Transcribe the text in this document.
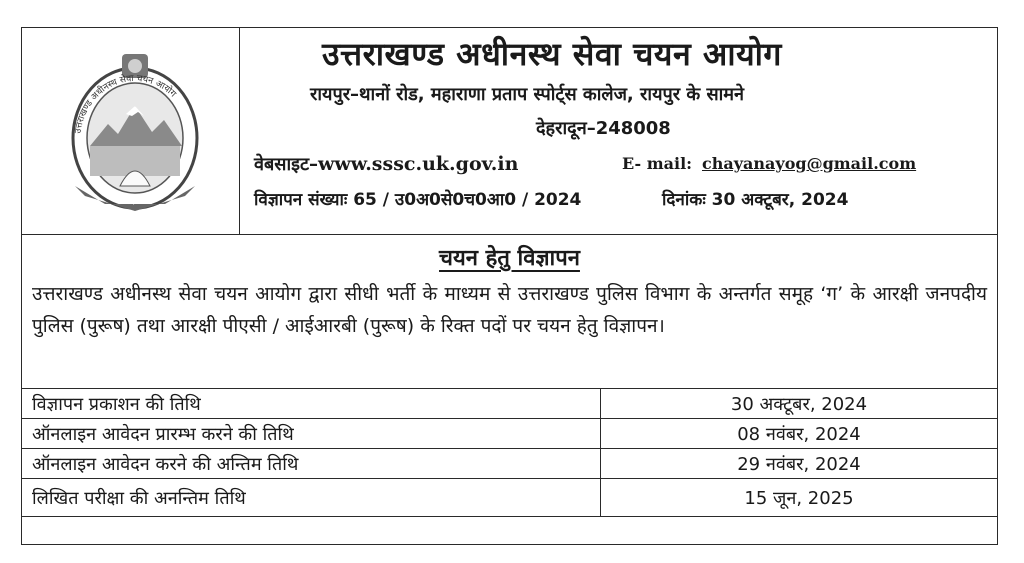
उत्तराखण्ड अधीनस्थ सेवा चयन आयोग
सारदेशिका
उत्तराखण्ड अधीनस्थ सेवा चयन आयोग
रायपुर–थानों रोड, महाराणा प्रताप स्पोर्ट्स कालेज, रायपुर के सामने
देहरादून–248008
वेबसाइट–www.sssc.uk.gov.in	E- mail: chayanayog@gmail.com
विज्ञापन संख्याः 65 / उ0अ0से0च0आ0 / 2024	दिनांकः 30 अक्टूबर, 2024
चयन हेतु विज्ञापन
उत्तराखण्ड अधीनस्थ सेवा चयन आयोग द्वारा सीधी भर्ती के माध्यम से उत्तराखण्ड पुलिस विभाग के अन्तर्गत समूह ‘ग’ के आरक्षी जनपदीय पुलिस (पुरूष) तथा आरक्षी पीएसी / आईआरबी (पुरूष) के रिक्त पदों पर चयन हेतु विज्ञापन।
विज्ञापन प्रकाशन की तिथि	30 अक्टूबर, 2024
ऑनलाइन आवेदन प्रारम्भ करने की तिथि	08 नवंबर, 2024
ऑनलाइन आवेदन करने की अन्तिम तिथि	29 नवंबर, 2024
लिखित परीक्षा की अनन्तिम तिथि	15 जून, 2025
